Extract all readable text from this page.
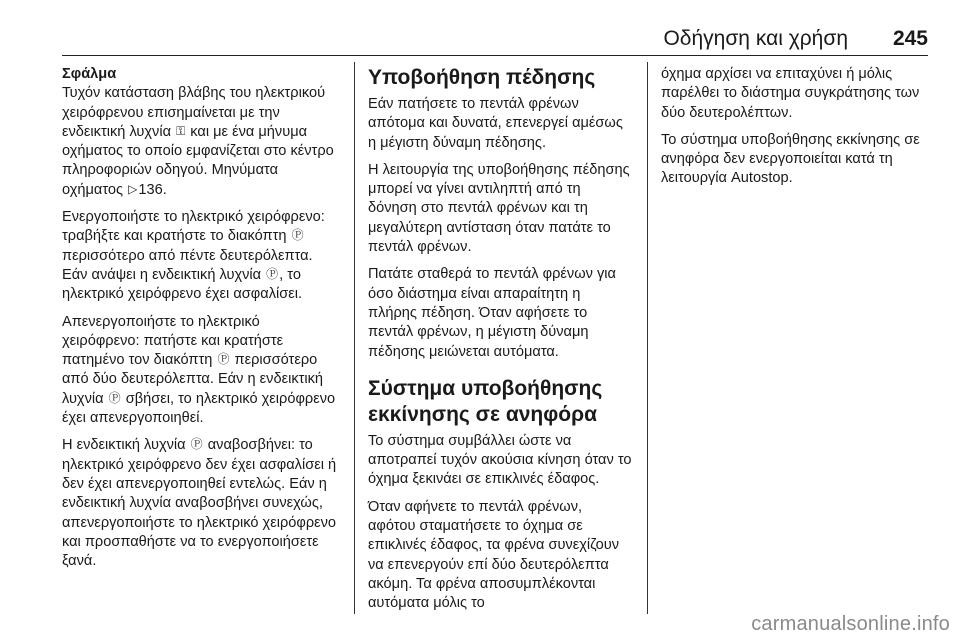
Οδήγηση και χρήση 245
Σφάλμα

Τυχόν κατάσταση βλάβης του ηλεκτρικού χειρόφρενου επισημαίνεται με την ενδεικτική λυχνία ⚿ και με ένα μήνυμα οχήματος το οποίο εμφανίζεται στο κέντρο πληροφοριών οδηγού. Μηνύματα οχήματος ▷136.

Ενεργοποιήστε το ηλεκτρικό χειρόφρενο: τραβήξτε και κρατήστε το διακόπτη Ⓟ περισσότερο από πέντε δευτερόλεπτα. Εάν ανάψει η ενδεικτική λυχνία Ⓟ, το ηλεκτρικό χειρόφρενο έχει ασφαλίσει.

Απενεργοποιήστε το ηλεκτρικό χειρόφρενο: πατήστε και κρατήστε πατημένο τον διακόπτη Ⓟ περισσότερο από δύο δευτερόλεπτα. Εάν η ενδεικτική λυχνία Ⓟ σβήσει, το ηλεκτρικό χειρόφρενο έχει απενεργοποιηθεί.

Η ενδεικτική λυχνία Ⓟ αναβοσβήνει: το ηλεκτρικό χειρόφρενο δεν έχει ασφαλίσει ή δεν έχει απενεργοποιηθεί εντελώς. Εάν η ενδεικτική λυχνία αναβοσβήνει συνεχώς, απενεργοποιήστε το ηλεκτρικό χειρόφρενο και προσπαθήστε να το ενεργοποιήσετε ξανά.

Υποβοήθηση πέδησης

Εάν πατήσετε το πεντάλ φρένων απότομα και δυνατά, επενεργεί αμέσως η μέγιστη δύναμη πέδησης.

Η λειτουργία της υποβοήθησης πέδησης μπορεί να γίνει αντιληπτή από τη δόνηση στο πεντάλ φρένων και τη μεγαλύτερη αντίσταση όταν πατάτε το πεντάλ φρένων.

Πατάτε σταθερά το πεντάλ φρένων για όσο διάστημα είναι απαραίτητη η πλήρης πέδηση. Όταν αφήσετε το πεντάλ φρένων, η μέγιστη δύναμη πέδησης μειώνεται αυτόματα.

Σύστημα υποβοήθησης εκκίνησης σε ανηφόρα

Το σύστημα συμβάλλει ώστε να αποτραπεί τυχόν ακούσια κίνηση όταν το όχημα ξεκινάει σε επικλινές έδαφος.

Όταν αφήνετε το πεντάλ φρένων, αφότου σταματήσετε το όχημα σε επικλινές έδαφος, τα φρένα συνεχίζουν να επενεργούν επί δύο δευτερόλεπτα ακόμη. Τα φρένα αποσυμπλέκονται αυτόματα μόλις το

όχημα αρχίσει να επιταχύνει ή μόλις παρέλθει το διάστημα συγκράτησης των δύο δευτερολέπτων.

Το σύστημα υποβοήθησης εκκίνησης σε ανηφόρα δεν ενεργοποιείται κατά τη λειτουργία Autostop.

carmanualsonline.info
